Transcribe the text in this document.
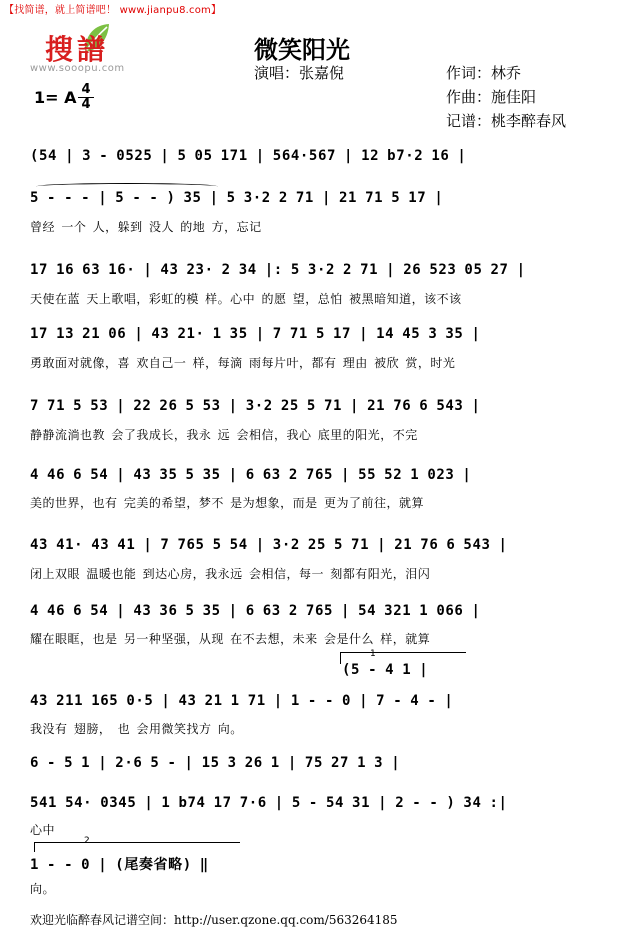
【找简谱，就上简谱吧！ www.jianpu8.com】
搜譜
www.sooopu.com
微笑阳光
演唱：张嘉倪	作词：林乔
作曲：施佳阳
记谱：桃李醉春风
1= A 4
4
(54 | 3 - 0525 | 5 05 171 | 564·567 | 12 b7·2 16 |
5 - - - | 5 - - ) 35 | 5 3·2 2 71 | 21 71 5 17 |
曾经 一个 人，躲到 没人 的地 方，忘记
17 16 63 16· | 43 23· 2 34 |: 5 3·2 2 71 | 26 523 05 27 |
天使在蓝 天上歌唱，彩虹的模 样。心中 的愿 望，总怕 被黑暗知道，该不该
17 13 21 06 | 43 21· 1 35 | 7 71 5 17 | 14 45 3 35 |
勇敢面对就像，喜 欢自己一 样，每滴 雨每片叶，都有 理由 被欣 赏，时光
7 71 5 53 | 22 26 5 53 | 3·2 25 5 71 | 21 76 6 543 |
静静流淌也教 会了我成长，我永 远 会相信，我心 底里的阳光，不完
4 46 6 54 | 43 35 5 35 | 6 63 2 765 | 55 52 1 023 |
美的世界，也有 完美的希望，梦不 是为想象，而是 更为了前往，就算
43 41· 43 41 | 7 765 5 54 | 3·2 25 5 71 | 21 76 6 543 |
闭上双眼 温暖也能 到达心房，我永远 会相信，每一 刻都有阳光，泪闪
4 46 6 54 | 43 36 5 35 | 6 63 2 765 | 54 321 1 066 |
耀在眼眶，也是 另一种坚强，从现 在不去想，未来 会是什么 样，就算
1
(5 - 4 1 |
43 211 165 0·5 | 43 21 1 71 | 1 - - 0 | 7 - 4 - |
我没有 翅膀， 也 会用微笑找方 向。
6 - 5 1 | 2·6 5 - | 15 3 26 1 | 75 27 1 3 |
541 54· 0345 | 1 b74 17 7·6 | 5 - 54 31 | 2 - - ) 34 :|
心中
2
1 - - 0 | (尾奏省略) ‖
向。
欢迎光临醉春风记谱空间：http://user.qzone.qq.com/563264185
